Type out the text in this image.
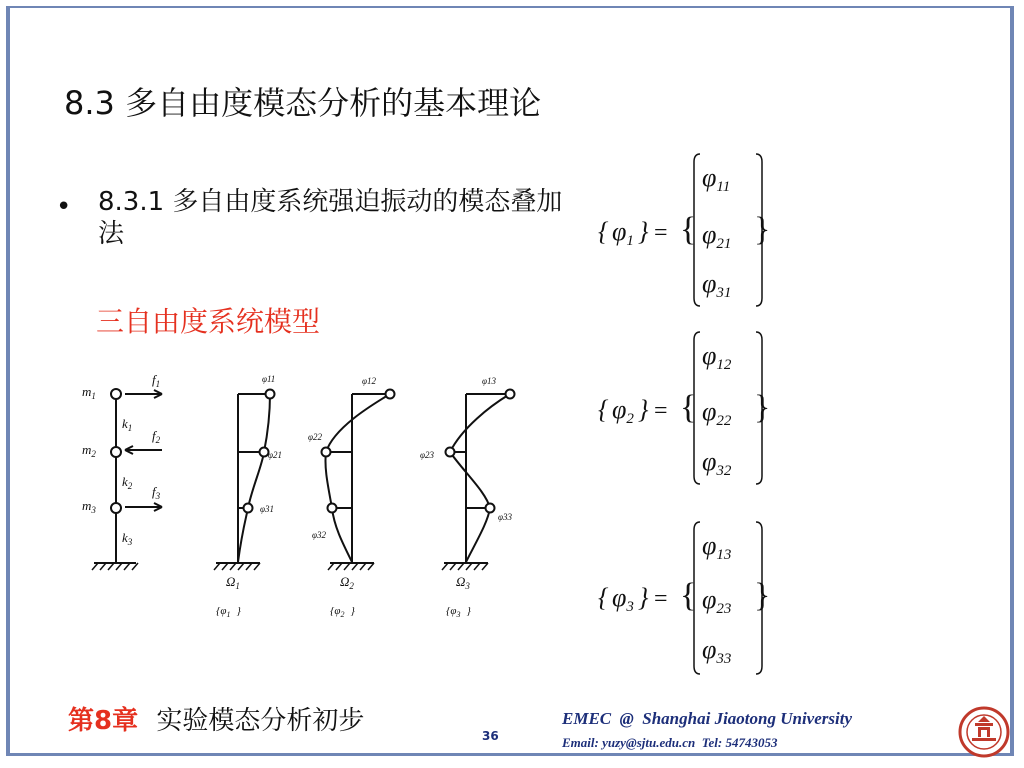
8.3 多自由度模态分析的基本理论
• 8.3.1 多自由度系统强迫振动的模态叠加法
三自由度系统模型
$m_1$
$m_2$
$m_3$
$k_1$
$k_2$
$k_3$
$f_1$
$f_2$
$f_3$
φ11
φ21
φ31
φ12
φ22
φ32
φ13
φ23
φ33
$\Omega_1$	$\Omega_2$	$\Omega_3$
{$\varphi_1$ }	{$\varphi_2$ }	{$\varphi_3$ }
{ φ1 } = {
φ11
φ21
φ31
}
{ φ2 } = {
φ12
φ22
φ32
}
{ φ3 } = {
φ13
φ23
φ33
}
第8章 实验模态分析初步	36
EMEC  @  Shanghai Jiaotong University
Email: yuzy@sjtu.edu.cn  Tel: 54743053
